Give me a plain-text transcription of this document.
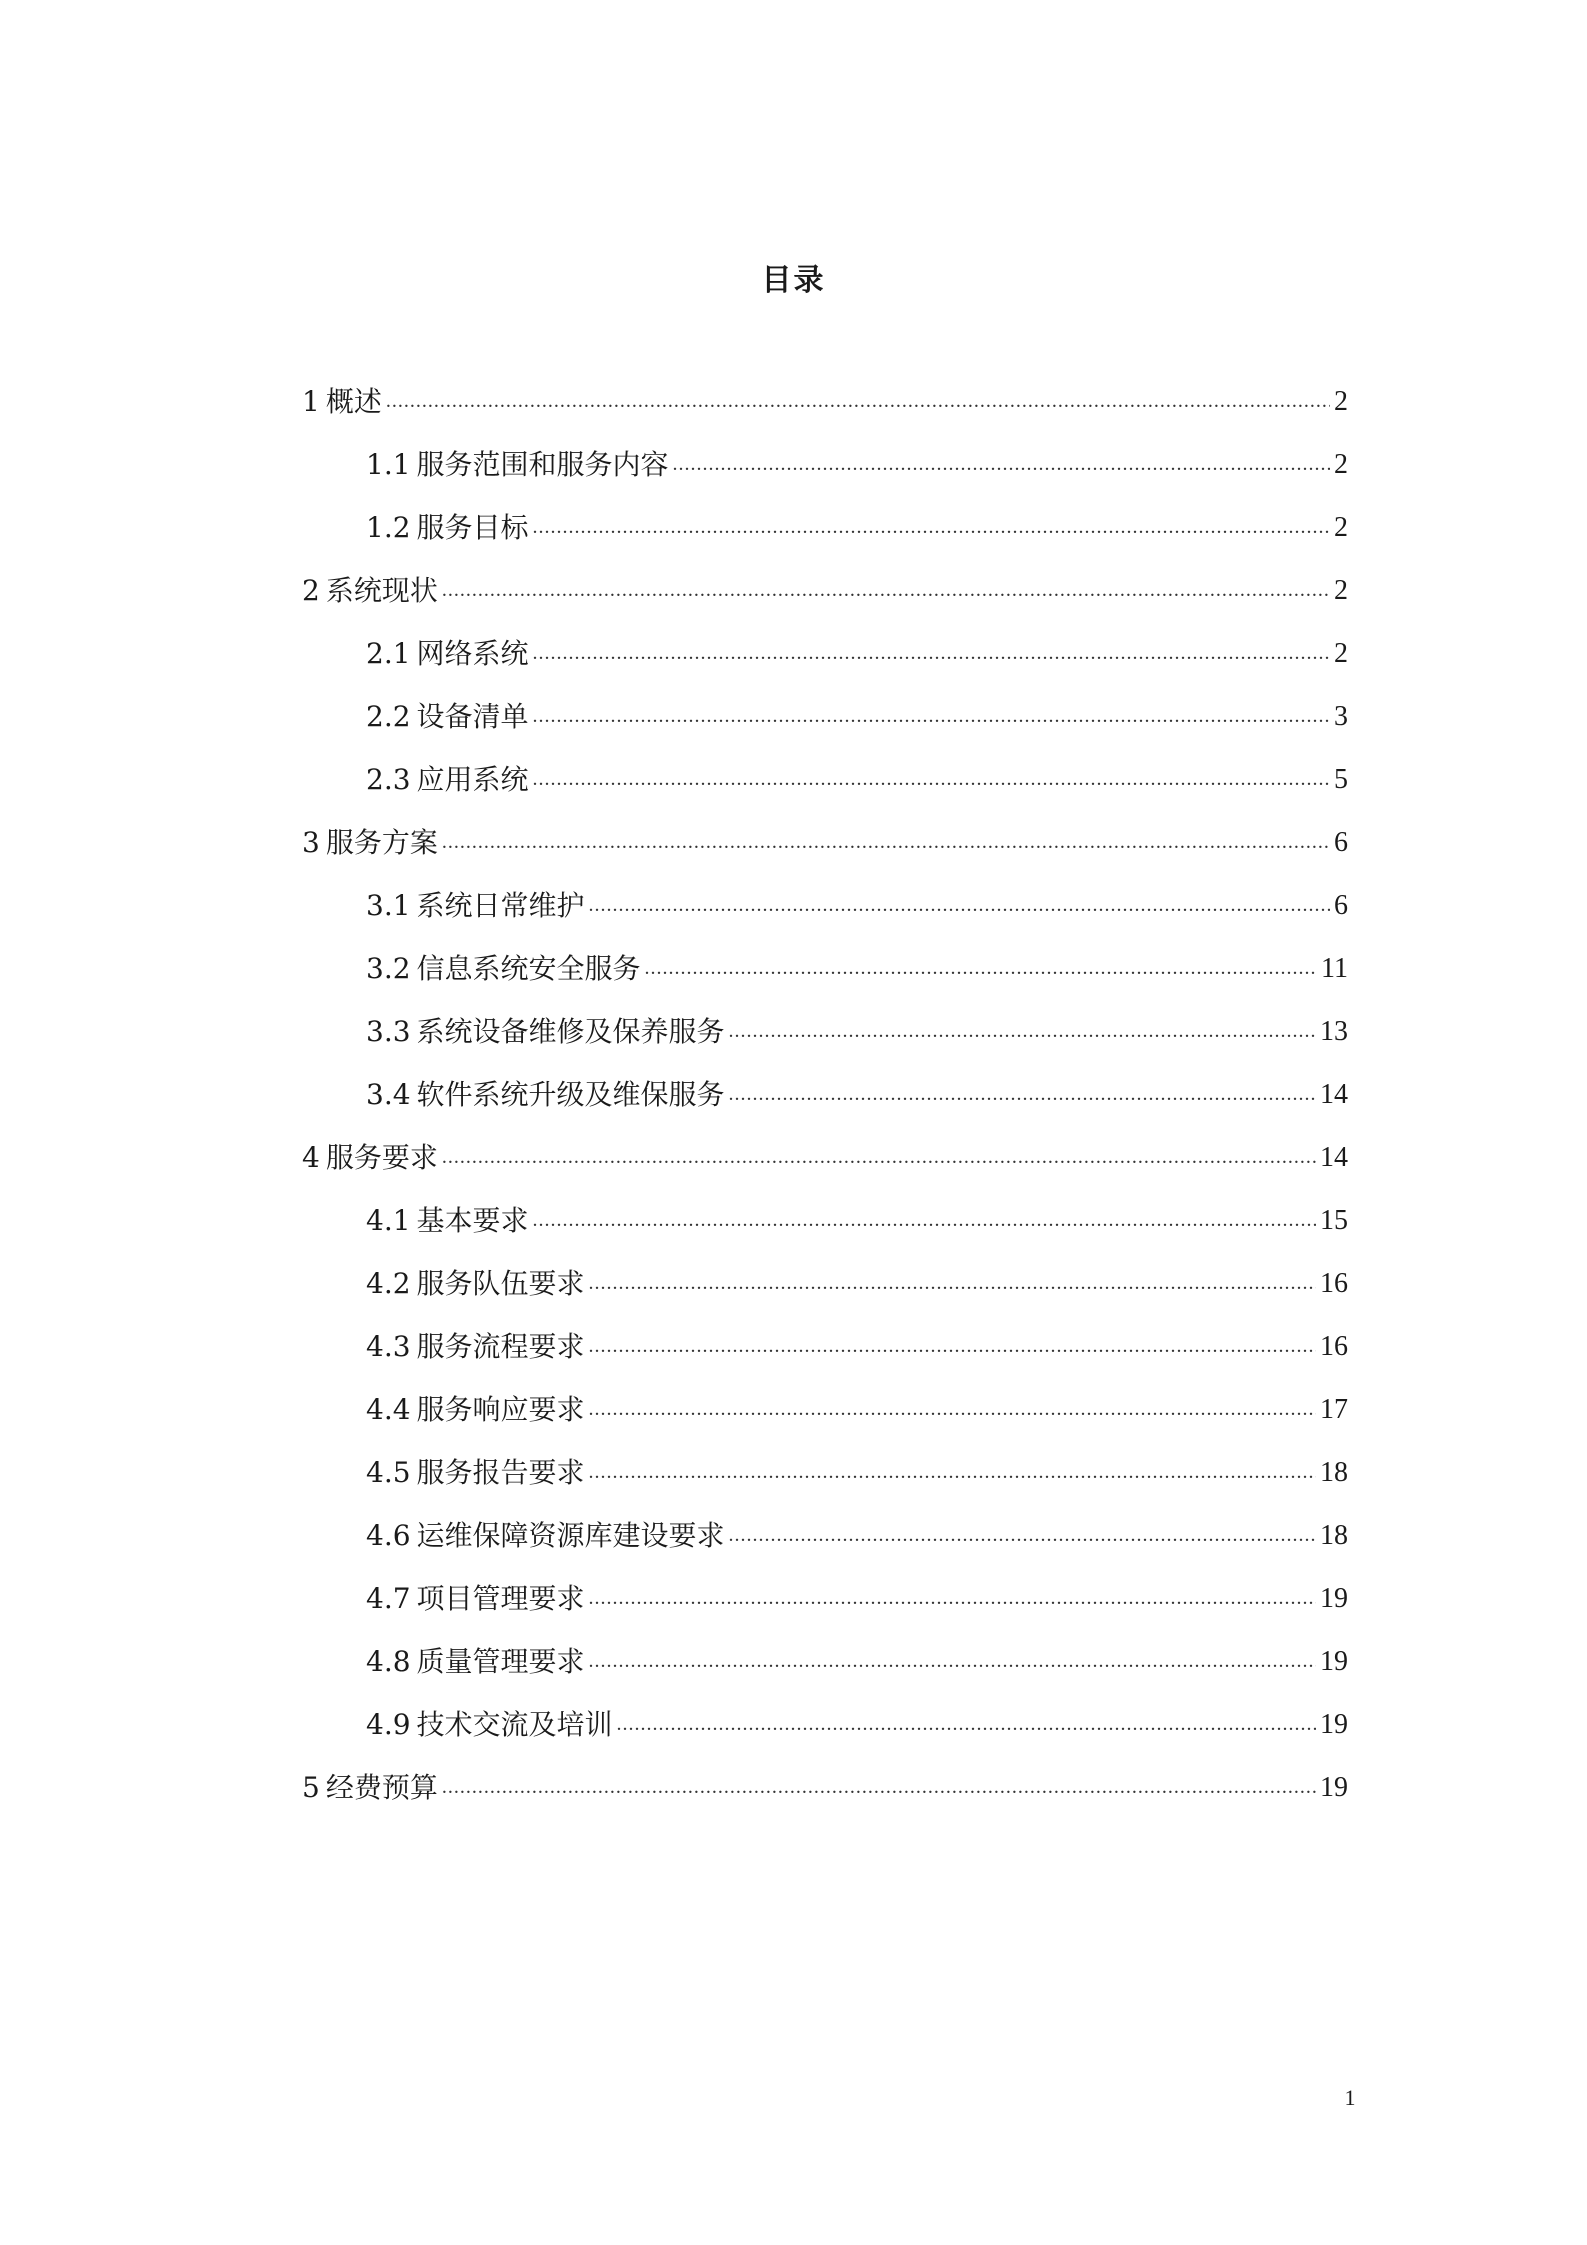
目录
1 概述 .....	2
1.1 服务范围和服务内容 .....	2
1.2 服务目标 .....	2
2 系统现状 .....	2
2.1 网络系统 .....	2
2.2 设备清单 .....	3
2.3 应用系统 .....	5
3 服务方案 .....	6
3.1 系统日常维护 .....	6
3.2 信息系统安全服务 .....	11
3.3 系统设备维修及保养服务 .....	13
3.4 软件系统升级及维保服务 .....	14
4 服务要求 .....	14
4.1 基本要求 .....	15
4.2 服务队伍要求 .....	16
4.3 服务流程要求 .....	16
4.4 服务响应要求 .....	17
4.5 服务报告要求 .....	18
4.6 运维保障资源库建设要求 .....	18
4.7 项目管理要求 .....	19
4.8 质量管理要求 .....	19
4.9 技术交流及培训 .....	19
5 经费预算 .....	19
1
